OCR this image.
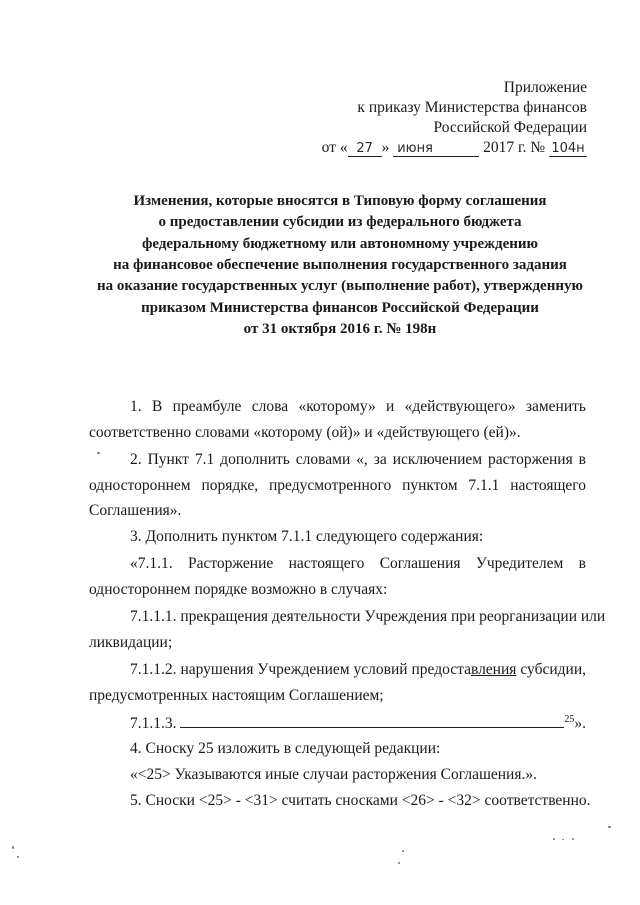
Приложение
к приказу Министерства финансов
Российской Федерации
от « 27 » июня	2017 г. № 104н
Изменения, которые вносятся в Типовую форму соглашения
о предоставлении субсидии из федерального бюджета
федеральному бюджетному или автономному учреждению
на финансовое обеспечение выполнения государственного задания
на оказание государственных услуг (выполнение работ), утвержденную
приказом Министерства финансов Российской Федерации
от 31 октября 2016 г. № 198н
1. В преамбуле слова «которому» и «действующего» заменить
соответственно словами «которому (ой)» и «действующего (ей)».
2. Пункт 7.1 дополнить словами «, за исключением расторжения в
одностороннем порядке, предусмотренного пунктом 7.1.1 настоящего
Соглашения».
3. Дополнить пунктом 7.1.1 следующего содержания:
«7.1.1. Расторжение настоящего Соглашения Учредителем в
одностороннем порядке возможно в случаях:
7.1.1.1. прекращения деятельности Учреждения при реорганизации или
ликвидации;
7.1.1.2. нарушения Учреждением условий предоставления субсидии,
предусмотренных настоящим Соглашением;
7.1.1.3.	$^{25}$».
4. Сноску 25 изложить в следующей редакции:
«<25> Указываются иные случаи расторжения Соглашения.».
5. Сноски <25> - <31> считать сносками <26> - <32> соответственно.
